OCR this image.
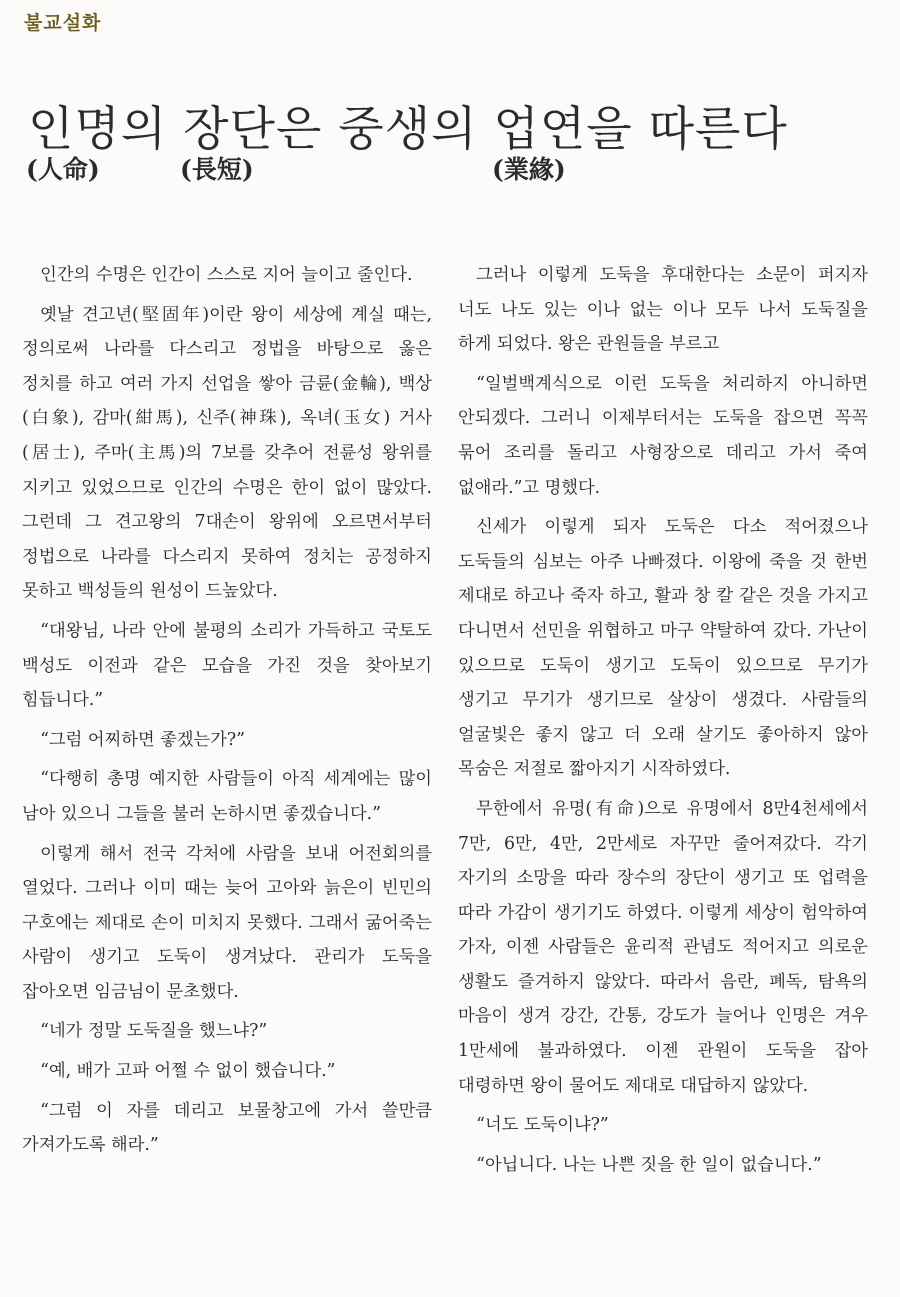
불교설화
인명의 장단은 중생의 업연을 따른다
(人命)	(長短)	(業緣)

인간의 수명은 인간이 스스로 지어 늘이고 줄인다.

옛날 견고년(堅固年)이란 왕이 세상에 계실 때는, 정의로써 나라를 다스리고 정법을 바탕으로 옳은 정치를 하고 여러 가지 선업을 쌓아 금륜(金輪), 백상(白象), 감마(紺馬), 신주(神珠), 옥녀(玉女) 거사(居士), 주마(主馬)의 7보를 갖추어 전륜성 왕위를 지키고 있었으므로 인간의 수명은 한이 없이 많았다. 그런데 그 견고왕의 7대손이 왕위에 오르면서부터 정법으로 나라를 다스리지 못하여 정치는 공정하지 못하고 백성들의 원성이 드높았다.

“대왕님, 나라 안에 불평의 소리가 가득하고 국토도 백성도 이전과 같은 모습을 가진 것을 찾아보기 힘듭니다.”

“그럼 어찌하면 좋겠는가?”

“다행히 총명 예지한 사람들이 아직 세계에는 많이 남아 있으니 그들을 불러 논하시면 좋겠습니다.”

이렇게 해서 전국 각처에 사람을 보내 어전회의를 열었다. 그러나 이미 때는 늦어 고아와 늙은이 빈민의 구호에는 제대로 손이 미치지 못했다. 그래서 굶어죽는 사람이 생기고 도둑이 생겨났다. 관리가 도둑을 잡아오면 임금님이 문초했다.

“네가 정말 도둑질을 했느냐?”

“예, 배가 고파 어쩔 수 없이 했습니다.”

“그럼 이 자를 데리고 보물창고에 가서 쓸만큼 가져가도록 해라.”

그러나 이렇게 도둑을 후대한다는 소문이 퍼지자 너도 나도 있는 이나 없는 이나 모두 나서 도둑질을 하게 되었다. 왕은 관원들을 부르고

“일벌백계식으로 이런 도둑을 처리하지 아니하면 안되겠다. 그러니 이제부터서는 도둑을 잡으면 꼭꼭 묶어 조리를 돌리고 사형장으로 데리고 가서 죽여 없애라.”고 명했다.

신세가 이렇게 되자 도둑은 다소 적어졌으나 도둑들의 심보는 아주 나빠졌다. 이왕에 죽을 것 한번 제대로 하고나 죽자 하고, 활과 창 칼 같은 것을 가지고 다니면서 선민을 위협하고 마구 약탈하여 갔다. 가난이 있으므로 도둑이 생기고 도둑이 있으므로 무기가 생기고 무기가 생기므로 살상이 생겼다. 사람들의 얼굴빛은 좋지 않고 더 오래 살기도 좋아하지 않아 목숨은 저절로 짧아지기 시작하였다.

무한에서 유명(有命)으로 유명에서 8만4천세에서 7만, 6만, 4만, 2만세로 자꾸만 줄어져갔다. 각기 자기의 소망을 따라 장수의 장단이 생기고 또 업력을 따라 가감이 생기기도 하였다. 이렇게 세상이 험악하여 가자, 이젠 사람들은 윤리적 관념도 적어지고 의로운 생활도 즐겨하지 않았다. 따라서 음란, 폐독, 탐욕의 마음이 생겨 강간, 간통, 강도가 늘어나 인명은 겨우 1만세에 불과하였다. 이젠 관원이 도둑을 잡아 대령하면 왕이 물어도 제대로 대답하지 않았다.

“너도 도둑이냐?”

“아닙니다. 나는 나쁜 짓을 한 일이 없습니다.”
